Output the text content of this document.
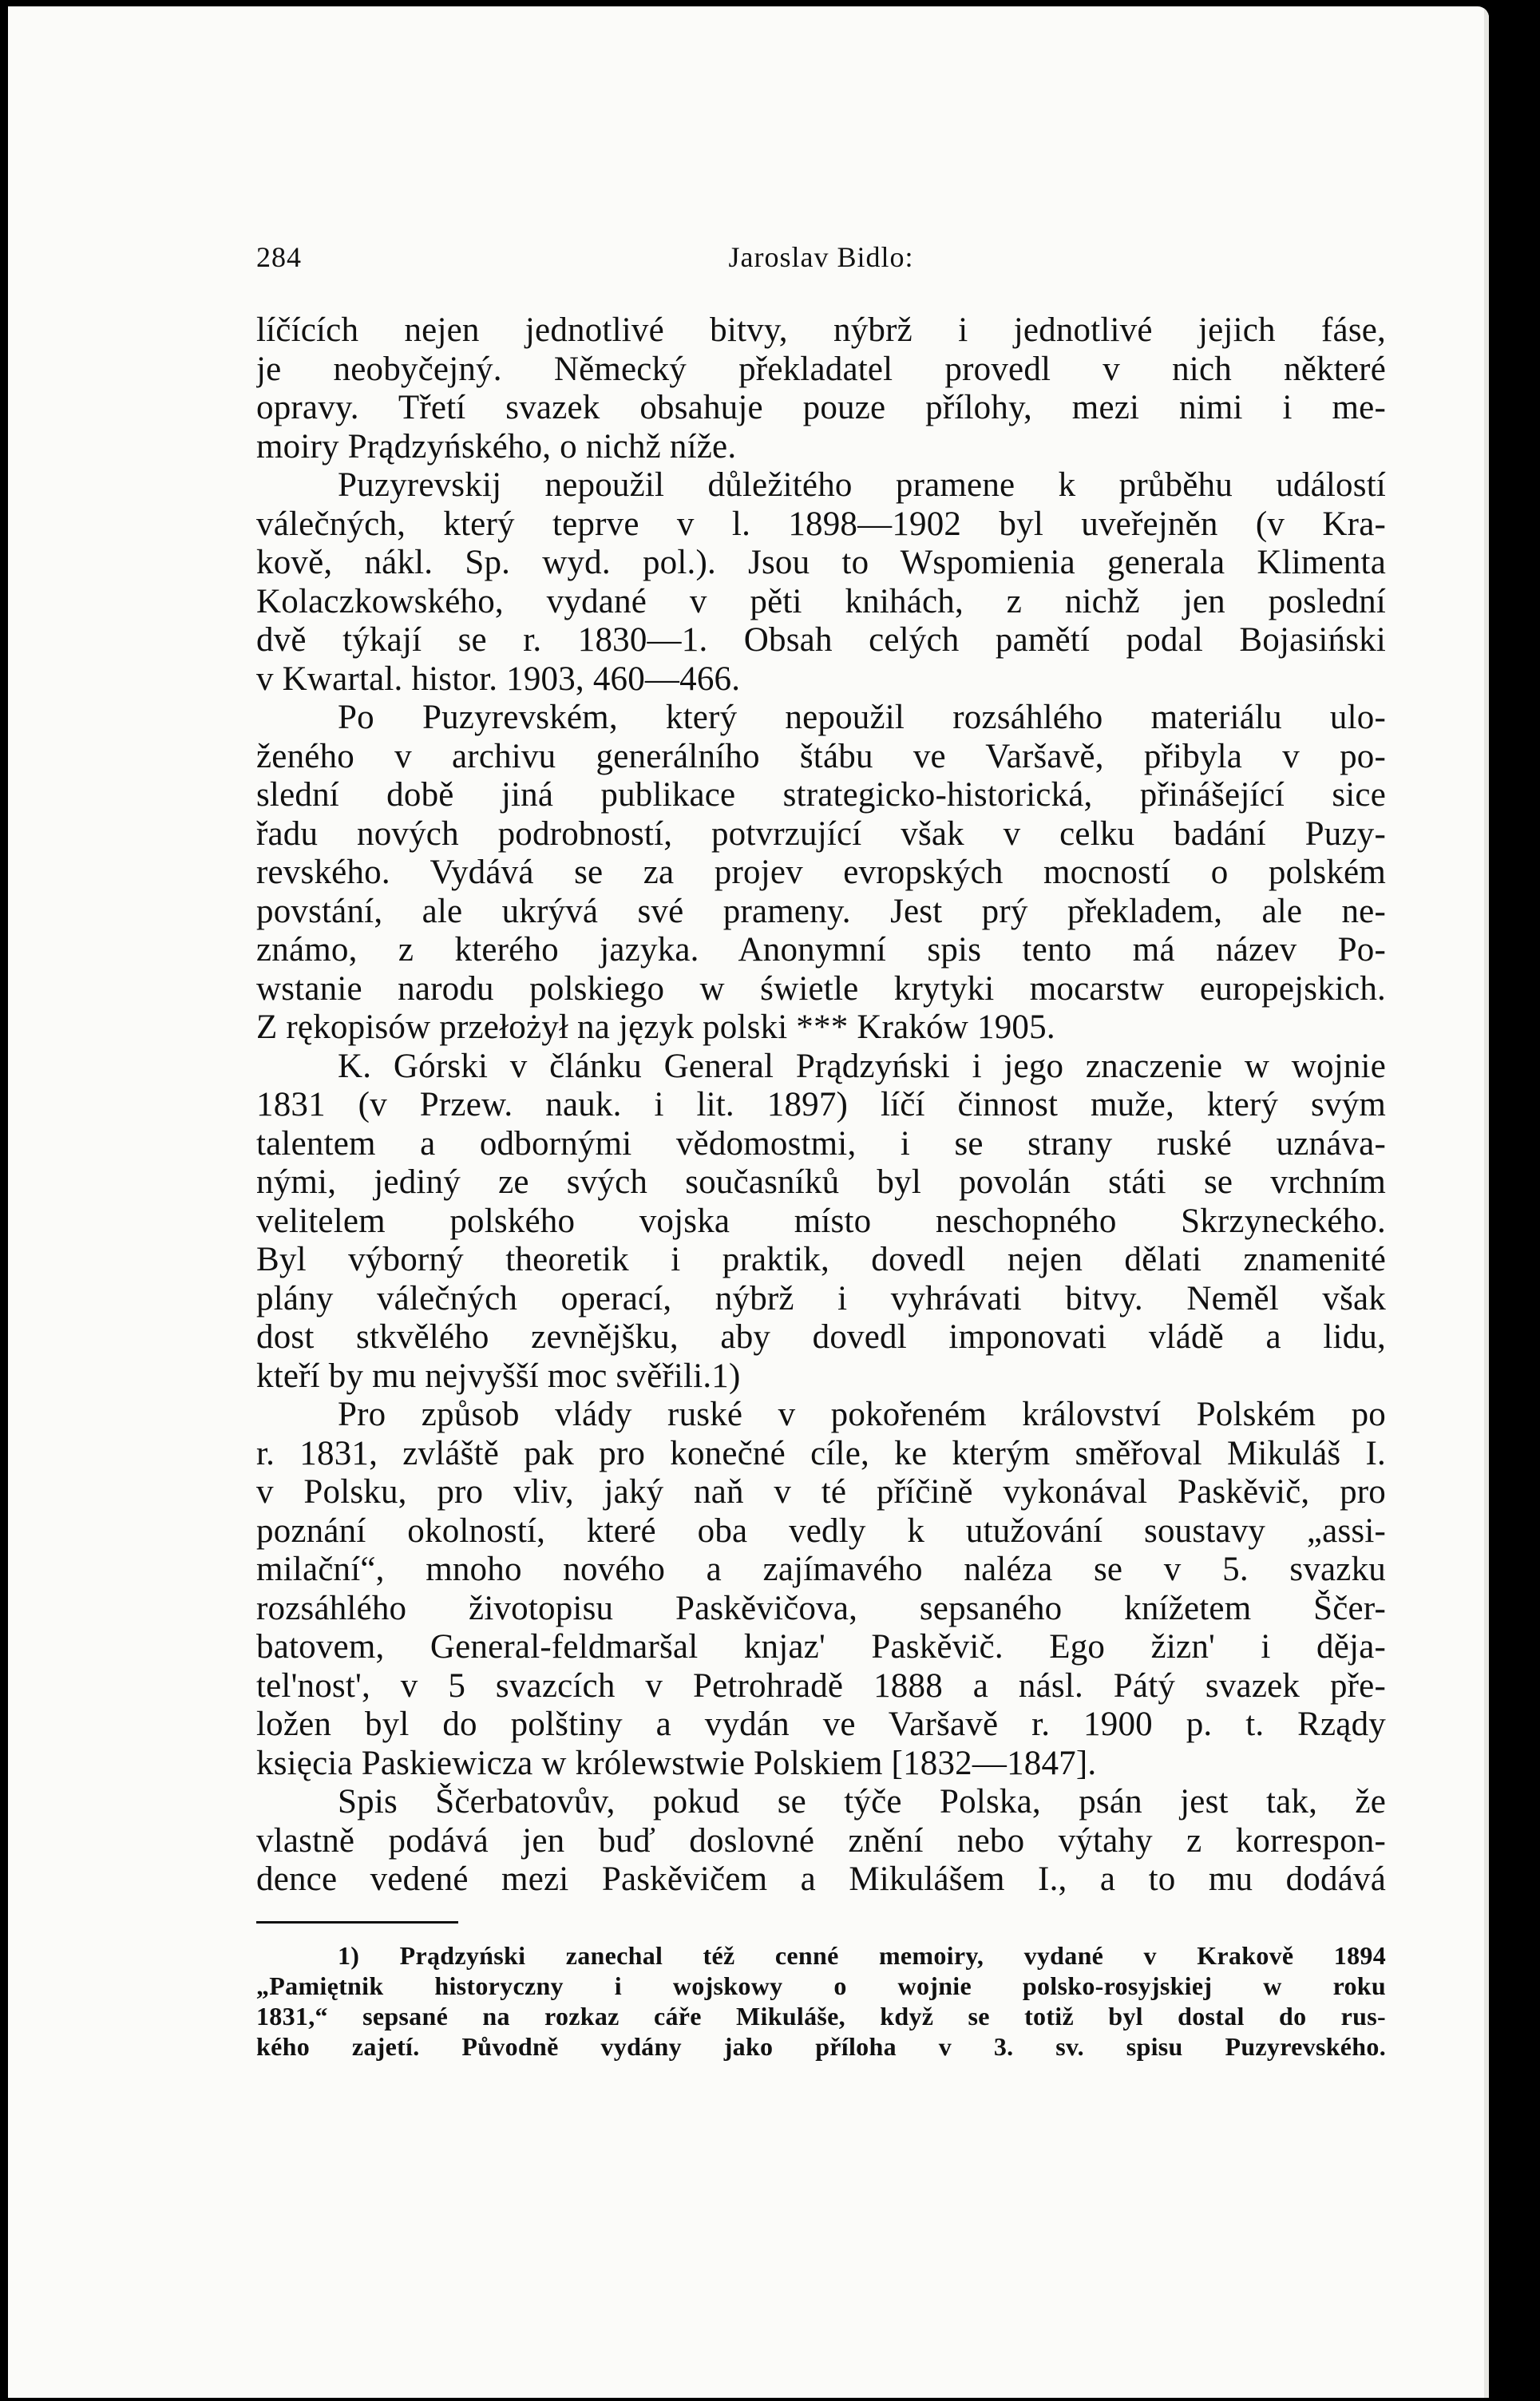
284	Jaroslav Bidlo:
líčících nejen jednotlivé bitvy, nýbrž i jednotlivé jejich fáse,
je neobyčejný. Německý překladatel provedl v nich některé
opravy. Třetí svazek obsahuje pouze přílohy, mezi nimi i me-
moiry Prądzyńského, o nichž níže.
Puzyrevskij nepoužil důležitého pramene k průběhu událostí
válečných, který teprve v l. 1898—1902 byl uveřejněn (v Kra-
kově, nákl. Sp. wyd. pol.). Jsou to Wspomienia generala Klimenta
Kolaczkowského, vydané v pěti knihách, z nichž jen poslední
dvě týkají se r. 1830—1. Obsah celých pamětí podal Bojasiński
v Kwartal. histor. 1903, 460—466.
Po Puzyrevském, který nepoužil rozsáhlého materiálu ulo-
ženého v archivu generálního štábu ve Varšavě, přibyla v po-
slední době jiná publikace strategicko-historická, přinášející sice
řadu nových podrobností, potvrzující však v celku badání Puzy-
revského. Vydává se za projev evropských mocností o polském
povstání, ale ukrývá své prameny. Jest prý překladem, ale ne-
známo, z kterého jazyka. Anonymní spis tento má název Po-
wstanie narodu polskiego w świetle krytyki mocarstw europejskich.
Z rękopisów przełożył na język polski *** Kraków 1905.
K. Górski v článku General Prądzyński i jego znaczenie w wojnie
1831 (v Przew. nauk. i lit. 1897) líčí činnost muže, který svým
talentem a odbornými vědomostmi, i se strany ruské uznáva-
nými, jediný ze svých současníků byl povolán státi se vrchním
velitelem polského vojska místo neschopného Skrzyneckého.
Byl výborný theoretik i praktik, dovedl nejen dělati znamenité
plány válečných operací, nýbrž i vyhrávati bitvy. Neměl však
dost stkvělého zevnějšku, aby dovedl imponovati vládě a lidu,
kteří by mu nejvyšší moc svěřili.1)
Pro způsob vlády ruské v pokořeném království Polském po
r. 1831, zvláště pak pro konečné cíle, ke kterým směřoval Mikuláš I.
v Polsku, pro vliv, jaký naň v té příčině vykonával Paskěvič, pro
poznání okolností, které oba vedly k utužování soustavy „assi-
milační“, mnoho nového a zajímavého naléza se v 5. svazku
rozsáhlého životopisu Paskěvičova, sepsaného knížetem Ščer-
batovem, General-feldmaršal knjaz' Paskěvič. Ego žizn' i děja-
tel'nost', v 5 svazcích v Petrohradě 1888 a násl. Pátý svazek pře-
ložen byl do polštiny a vydán ve Varšavě r. 1900 p. t. Rządy
księcia Paskiewicza w królewstwie Polskiem [1832—1847].
Spis Ščerbatovův, pokud se týče Polska, psán jest tak, že
vlastně podává jen buď doslovné znění nebo výtahy z korrespon-
dence vedené mezi Paskěvičem a Mikulášem I., a to mu dodává
1) Prądzyński zanechal též cenné memoiry, vydané v Krakově 1894
„Pamiętnik historyczny i wojskowy o wojnie polsko-rosyjskiej w roku
1831,“ sepsané na rozkaz cáře Mikuláše, když se totiž byl dostal do rus-
kého zajetí. Původně vydány jako příloha v 3. sv. spisu Puzyrevského.
